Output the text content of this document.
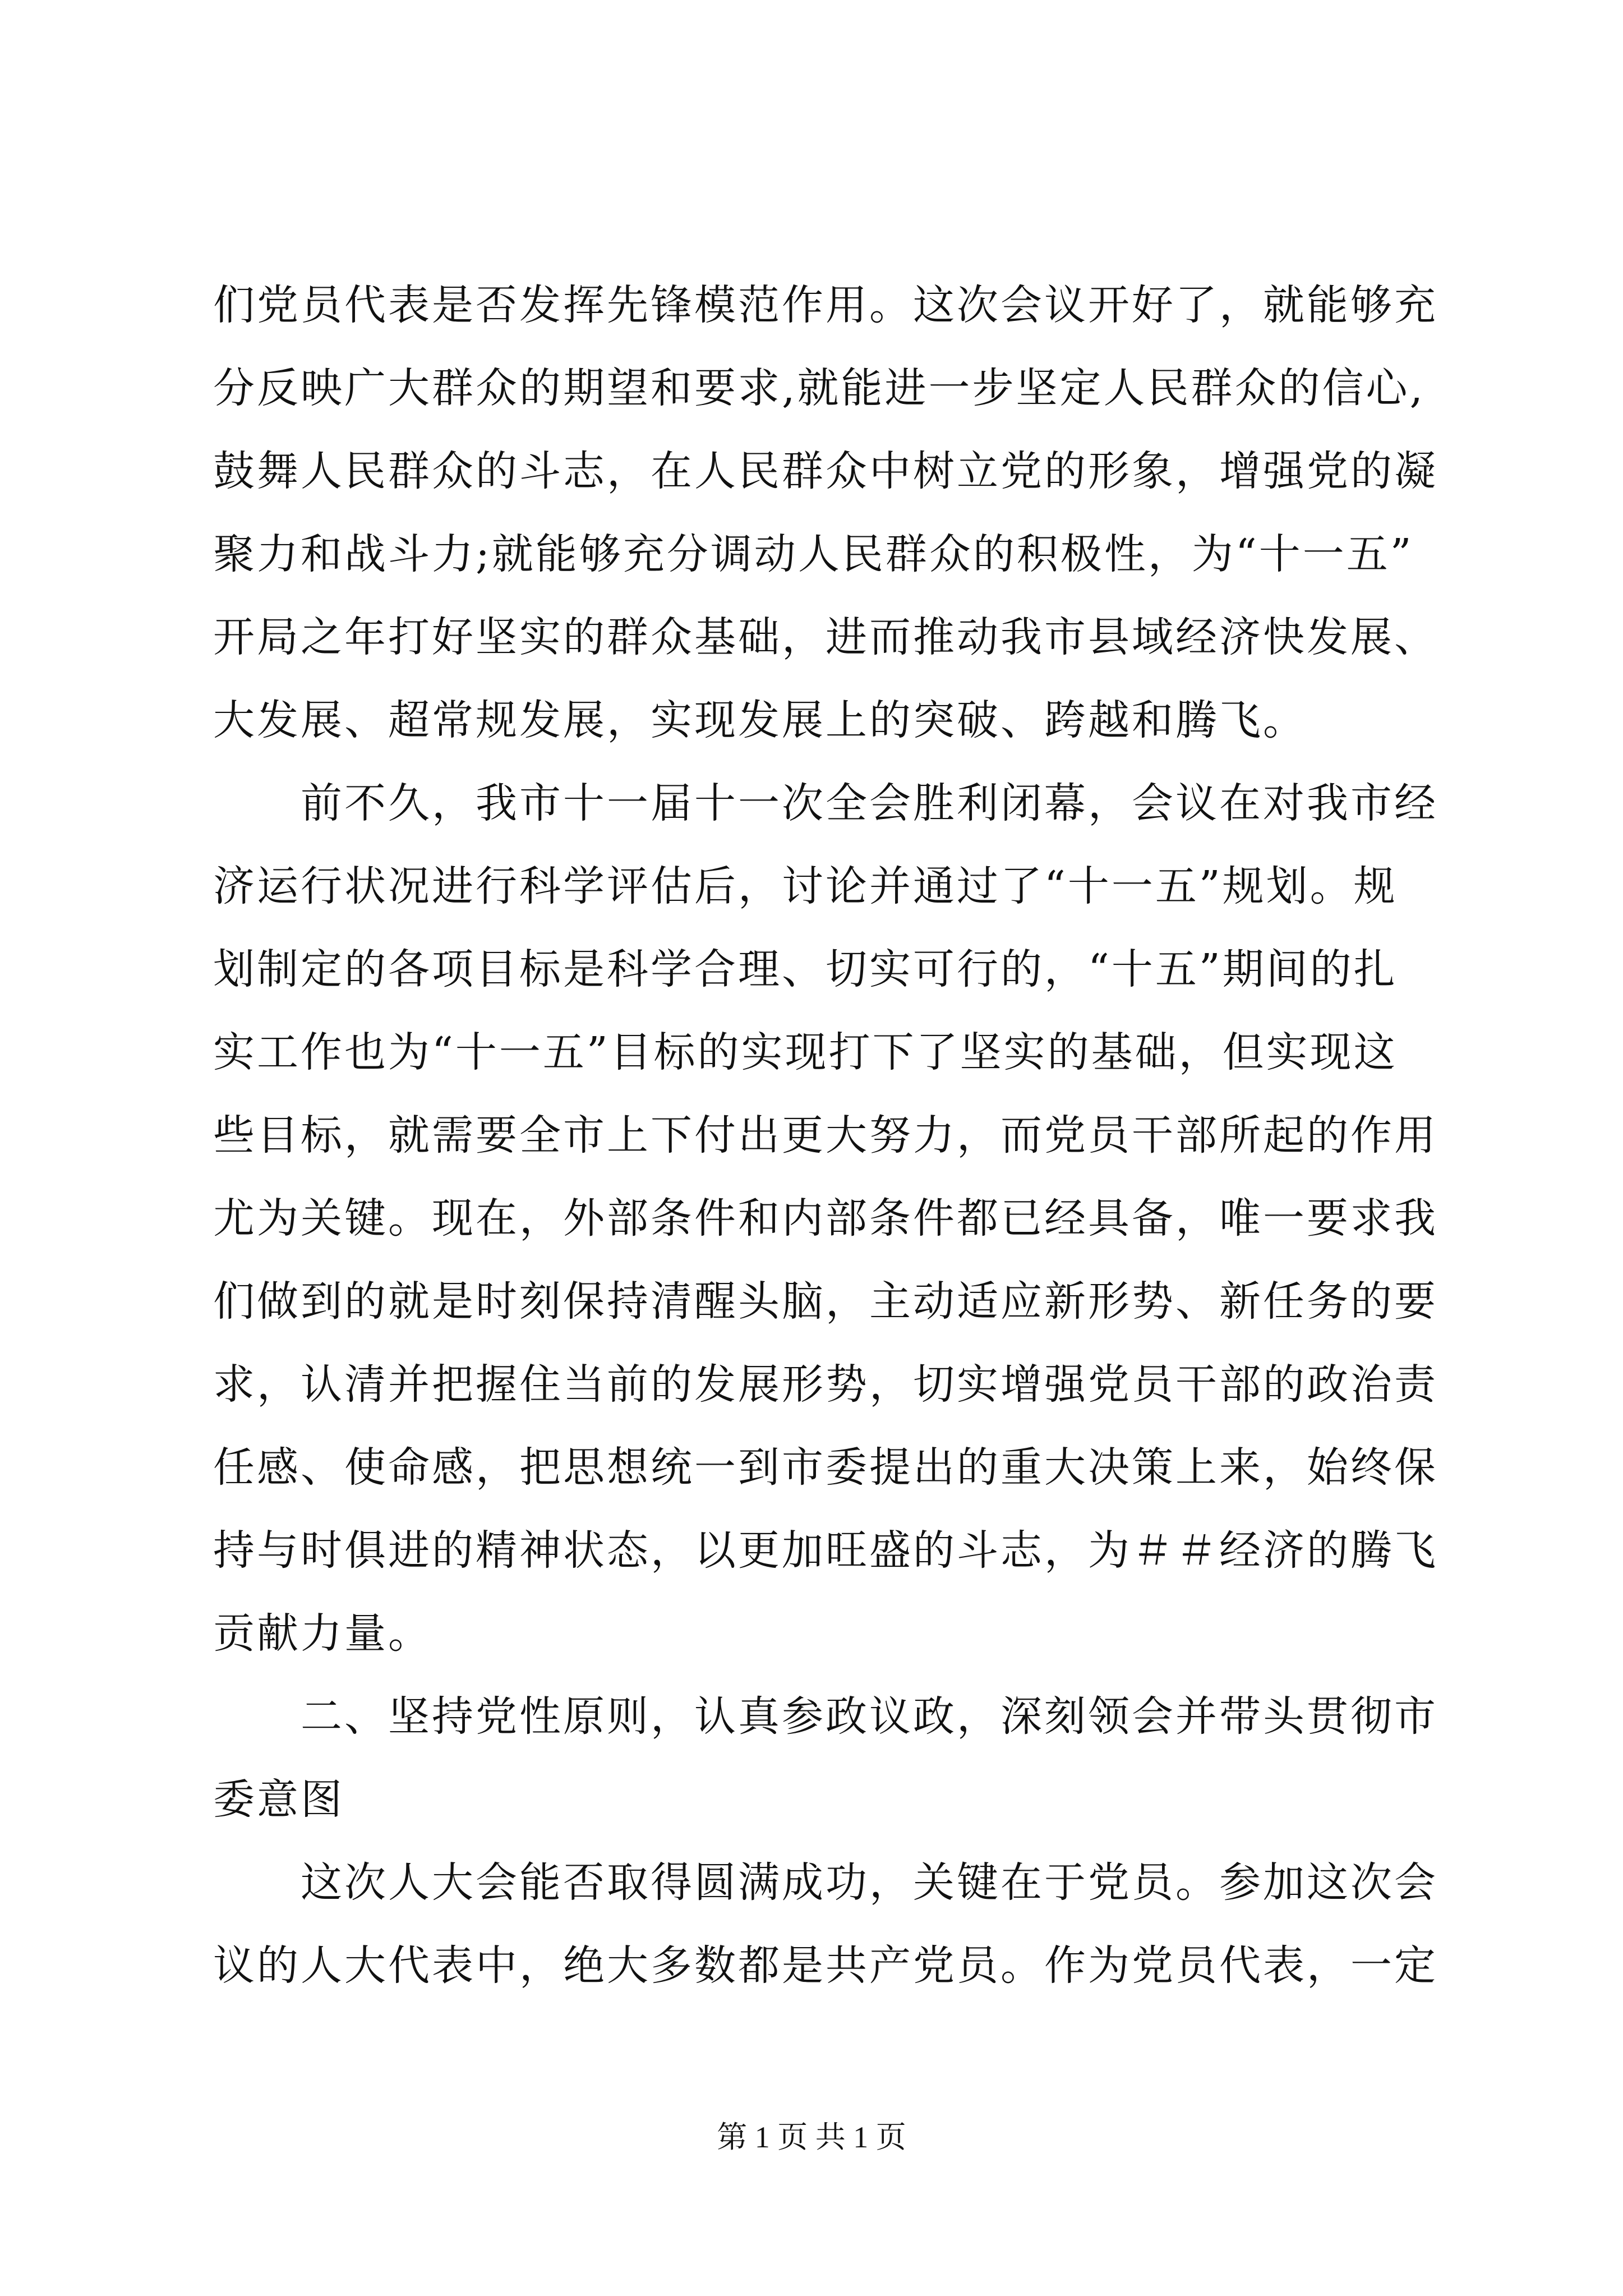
们党员代表是否发挥先锋模范作用。这次会议开好了，就能够充
分反映广大群众的期望和要求,就能进一步坚定人民群众的信心,
鼓舞人民群众的斗志，在人民群众中树立党的形象，增强党的凝
聚力和战斗力;就能够充分调动人民群众的积极性，为“十一五”
开局之年打好坚实的群众基础，进而推动我市县域经济快发展、
大发展、超常规发展，实现发展上的突破、跨越和腾飞。
　　前不久，我市十一届十一次全会胜利闭幕，会议在对我市经
济运行状况进行科学评估后，讨论并通过了“十一五”规划。规
划制定的各项目标是科学合理、切实可行的，“十五”期间的扎
实工作也为“十一五”目标的实现打下了坚实的基础，但实现这
些目标，就需要全市上下付出更大努力，而党员干部所起的作用
尤为关键。现在，外部条件和内部条件都已经具备，唯一要求我
们做到的就是时刻保持清醒头脑，主动适应新形势、新任务的要
求，认清并把握住当前的发展形势，切实增强党员干部的政治责
任感、使命感，把思想统一到市委提出的重大决策上来，始终保
持与时俱进的精神状态，以更加旺盛的斗志，为＃＃经济的腾飞
贡献力量。
　　二、坚持党性原则，认真参政议政，深刻领会并带头贯彻市
委意图
　　这次人大会能否取得圆满成功，关键在于党员。参加这次会
议的人大代表中，绝大多数都是共产党员。作为党员代表，一定
第 1 页 共 1 页
